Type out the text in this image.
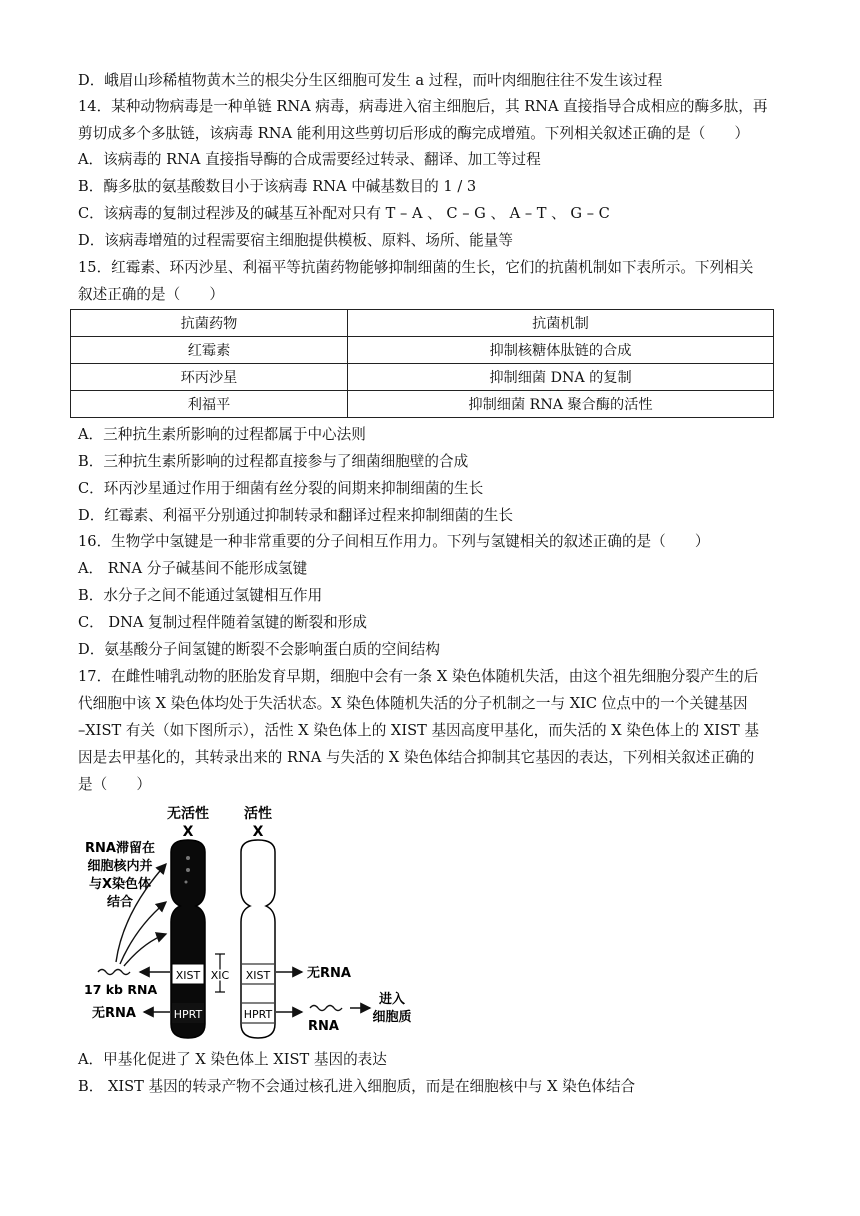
D．峨眉山珍稀植物黄木兰的根尖分生区细胞可发生 a 过程，而叶肉细胞往往不发生该过程
14．某种动物病毒是一种单链 RNA 病毒，病毒进入宿主细胞后，其 RNA 直接指导合成相应的酶多肽，再
剪切成多个多肽链，该病毒 RNA 能利用这些剪切后形成的酶完成增殖。下列相关叙述正确的是（　　）
A．该病毒的 RNA 直接指导酶的合成需要经过转录、翻译、加工等过程
B．酶多肽的氨基酸数目小于该病毒 RNA 中碱基数目的 1 / 3
C．该病毒的复制过程涉及的碱基互补配对只有 T – A 、 C – G 、 A – T 、 G – C
D．该病毒增殖的过程需要宿主细胞提供模板、原料、场所、能量等
15．红霉素、环丙沙星、利福平等抗菌药物能够抑制细菌的生长，它们的抗菌机制如下表所示。下列相关
叙述正确的是（　　）
抗菌药物	抗菌机制
红霉素	抑制核糖体肽链的合成
环丙沙星	抑制细菌 DNA 的复制
利福平	抑制细菌 RNA 聚合酶的活性
A．三种抗生素所影响的过程都属于中心法则
B．三种抗生素所影响的过程都直接参与了细菌细胞壁的合成
C．环丙沙星通过作用于细菌有丝分裂的间期来抑制细菌的生长
D．红霉素、利福平分别通过抑制转录和翻译过程来抑制细菌的生长
16．生物学中氢键是一种非常重要的分子间相互作用力。下列与氢键相关的叙述正确的是（　　）
A． RNA 分子碱基间不能形成氢键
B．水分子之间不能通过氢键相互作用
C． DNA 复制过程伴随着氢键的断裂和形成
D．氨基酸分子间氢键的断裂不会影响蛋白质的空间结构
17．在雌性哺乳动物的胚胎发育早期，细胞中会有一条 X 染色体随机失活，由这个祖先细胞分裂产生的后
代细胞中该 X 染色体均处于失活状态。X 染色体随机失活的分子机制之一与 XIC 位点中的一个关键基因
–XIST 有关（如下图所示），活性 X 染色体上的 XIST 基因高度甲基化，而失活的 X 染色体上的 XIST 基
因是去甲基化的，其转录出来的 RNA 与失活的 X 染色体结合抑制其它基因的表达，下列相关叙述正确的
是（　　）
无活性
X
活性
X
RNA滞留在
细胞核内并
与X染色体
结合
XIST
HPRT
XIST
HPRT
XIC
17 kb RNA
无RNA
无RNA
RNA
进入
细胞质
A．甲基化促进了 X 染色体上 XIST 基因的表达
B． XIST 基因的转录产物不会通过核孔进入细胞质，而是在细胞核中与 X 染色体结合
